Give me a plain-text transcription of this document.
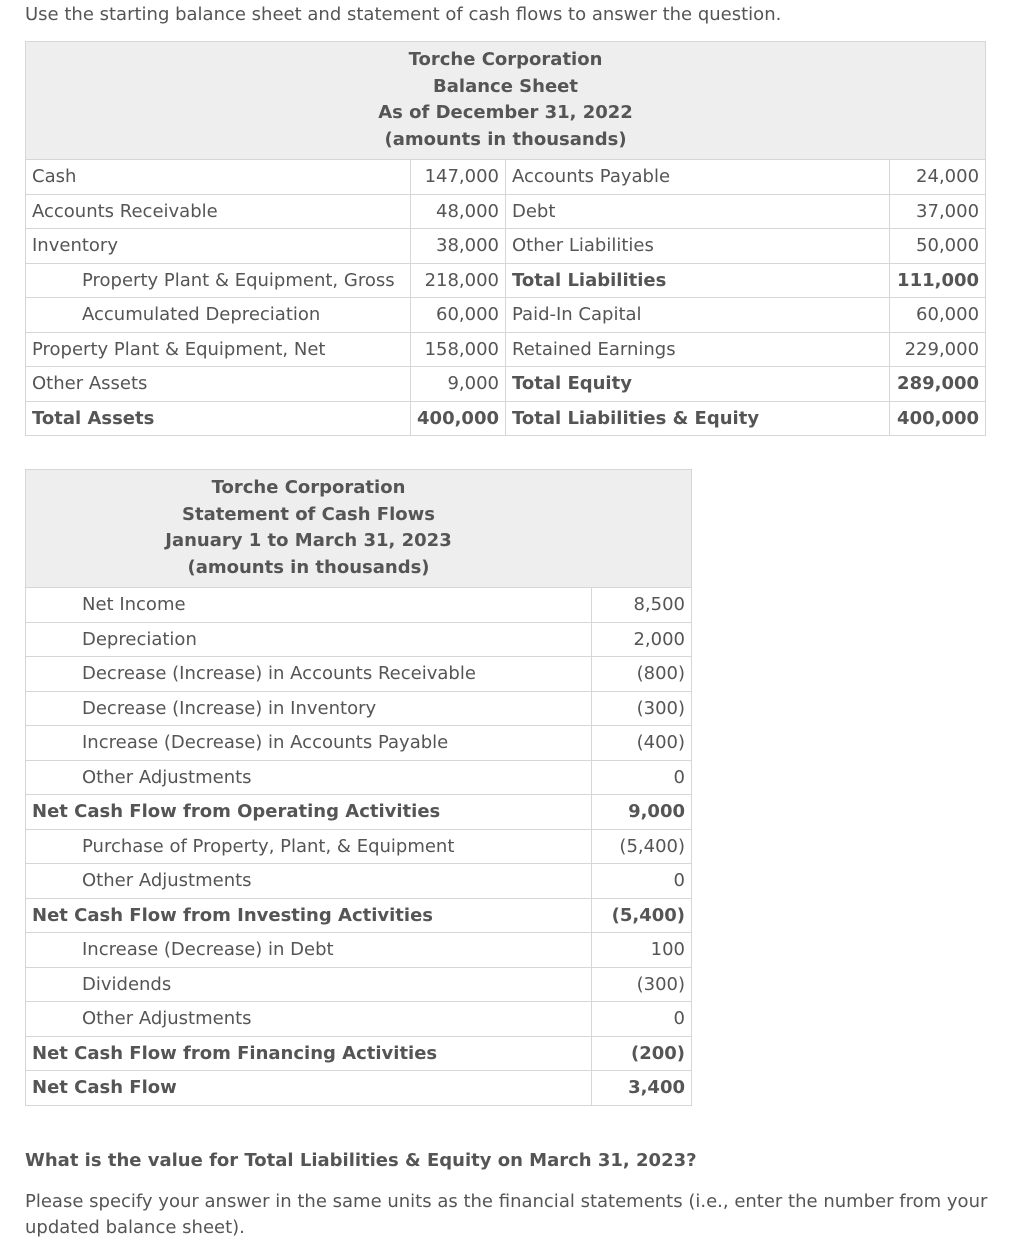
Use the starting balance sheet and statement of cash flows to answer the question.
Torche Corporation
Balance Sheet
As of December 31, 2022
(amounts in thousands)			

Cash	147,000	Accounts Payable	24,000
Accounts Receivable	48,000	Debt	37,000
Inventory	38,000	Other Liabilities	50,000
Property Plant & Equipment, Gross	218,000	Total Liabilities	111,000
Accumulated Depreciation	60,000	Paid-In Capital	60,000
Property Plant & Equipment, Net	158,000	Retained Earnings	229,000
Other Assets	9,000	Total Equity	289,000
Total Assets	400,000	Total Liabilities & Equity	400,000
Torche Corporation
Statement of Cash Flows
January 1 to March 31, 2023
(amounts in thousands)	

Net Income	8,500
Depreciation	2,000
Decrease (Increase) in Accounts Receivable	(800)
Decrease (Increase) in Inventory	(300)
Increase (Decrease) in Accounts Payable	(400)
Other Adjustments	0
Net Cash Flow from Operating Activities	9,000
Purchase of Property, Plant, & Equipment	(5,400)
Other Adjustments	0
Net Cash Flow from Investing Activities	(5,400)
Increase (Decrease) in Debt	100
Dividends	(300)
Other Adjustments	0
Net Cash Flow from Financing Activities	(200)
Net Cash Flow	3,400
What is the value for Total Liabilities & Equity on March 31, 2023?
Please specify your answer in the same units as the financial statements (i.e., enter the number from your updated balance sheet).
